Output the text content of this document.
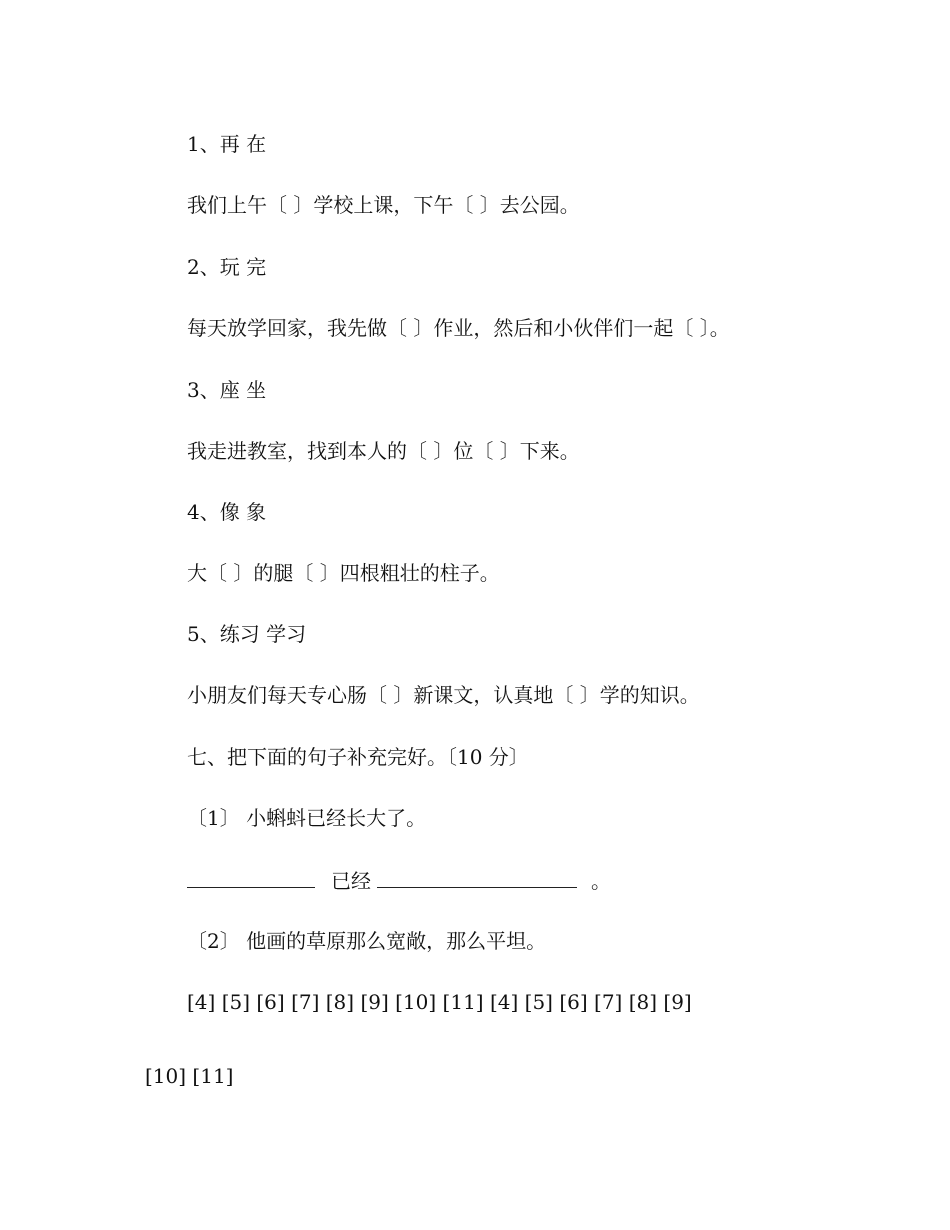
1、再 在
我们上午〔 〕学校上课，下午〔 〕去公园。
2、玩 完
每天放学回家，我先做〔 〕作业，然后和小伙伴们一起〔 〕。
3、座 坐
我走进教室，找到本人的〔 〕位〔 〕下来。
4、像 象
大〔 〕的腿〔 〕四根粗壮的柱子。
5、练习 学习
小朋友们每天专心肠〔 〕新课文，认真地〔 〕学的知识。
七、把下面的句子补充完好。〔10 分〕
〔1〕 小蝌蚪已经长大了。
已经	。
〔2〕 他画的草原那么宽敞，那么平坦。
[4] [5] [6] [7] [8] [9] [10] [11] [4] [5] [6] [7] [8] [9]
[10] [11]
